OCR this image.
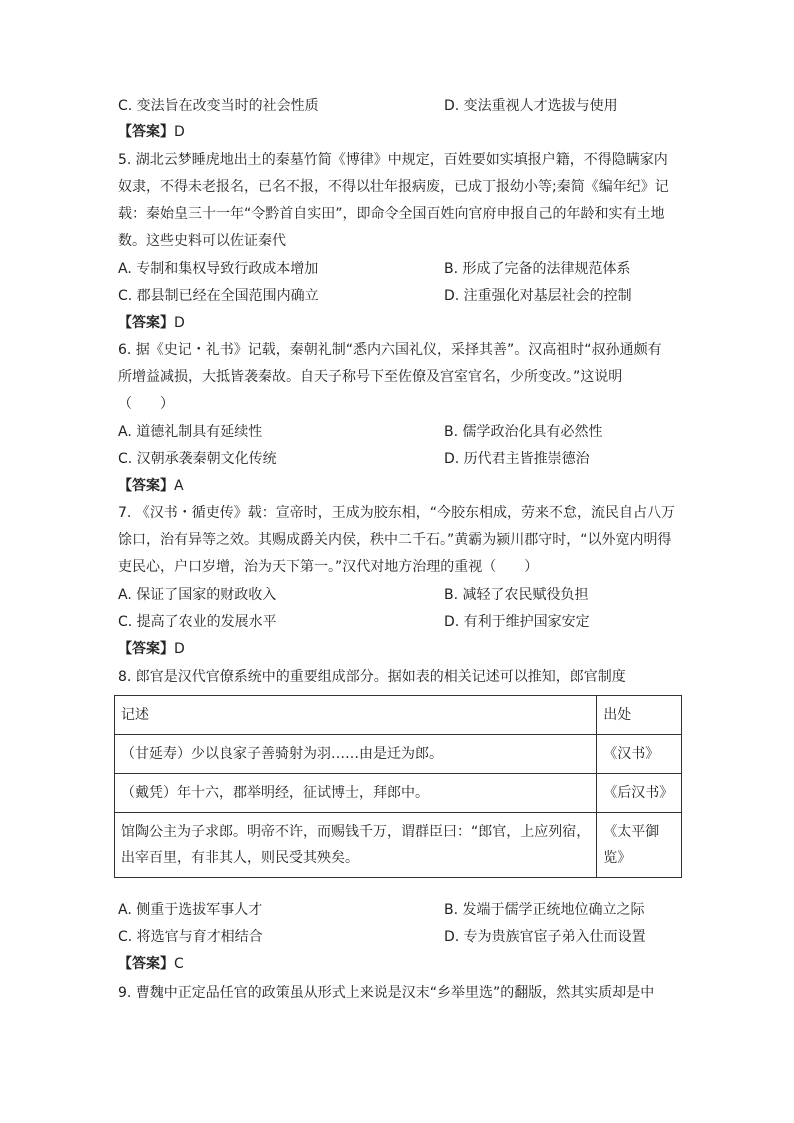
C. 变法旨在改变当时的社会性质	D. 变法重视人才选拔与使用
【答案】D
5. 湖北云梦睡虎地出土的秦墓竹简《博律》中规定，百姓要如实填报户籍，不得隐瞒家内
奴隶，不得未老报名，已名不报，不得以壮年报病废，已成丁报幼小等;秦简《编年纪》记
载：秦始皇三十一年“令黔首自实田”，即命令全国百姓向官府申报自己的年龄和实有土地
数。这些史料可以佐证秦代
A. 专制和集权导致行政成本增加	B. 形成了完备的法律规范体系
C. 郡县制已经在全国范围内确立	D. 注重强化对基层社会的控制
【答案】D
6. 据《史记・礼书》记载，秦朝礼制“悉内六国礼仪，采择其善”。汉高祖时“叔孙通颇有
所增益减损，大抵皆袭秦故。自天子称号下至佐僚及宫室官名，少所变改。”这说明
（　　）
A. 道德礼制具有延续性	B. 儒学政治化具有必然性
C. 汉朝承袭秦朝文化传统	D. 历代君主皆推崇德治
【答案】A
7. 《汉书・循吏传》载：宣帝时，王成为胶东相，“今胶东相成，劳来不怠，流民自占八万
馀口，治有异等之效。其赐成爵关内侯，秩中二千石。”黄霸为颍川郡守时，“以外宽内明得
吏民心，户口岁增，治为天下第一。”汉代对地方治理的重视（　　）
A. 保证了国家的财政收入	B. 减轻了农民赋役负担
C. 提高了农业的发展水平	D. 有利于维护国家安定
【答案】D
8. 郎官是汉代官僚系统中的重要组成部分。据如表的相关记述可以推知，郎官制度
记述	出处
（甘延寿）少以良家子善骑射为羽……由是迁为郎。	《汉书》
（戴凭）年十六，郡举明经，征试博士，拜郎中。	《后汉书》
馆陶公主为子求郎。明帝不许，而赐钱千万，谓群臣曰：“郎官，上应列宿，出宰百里，有非其人，则民受其殃矣。	《太平御览》
A. 侧重于选拔军事人才	B. 发端于儒学正统地位确立之际
C. 将选官与育才相结合	D. 专为贵族官宦子弟入仕而设置
【答案】C
9. 曹魏中正定品任官的政策虽从形式上来说是汉末“乡举里选”的翻版，然其实质却是中
